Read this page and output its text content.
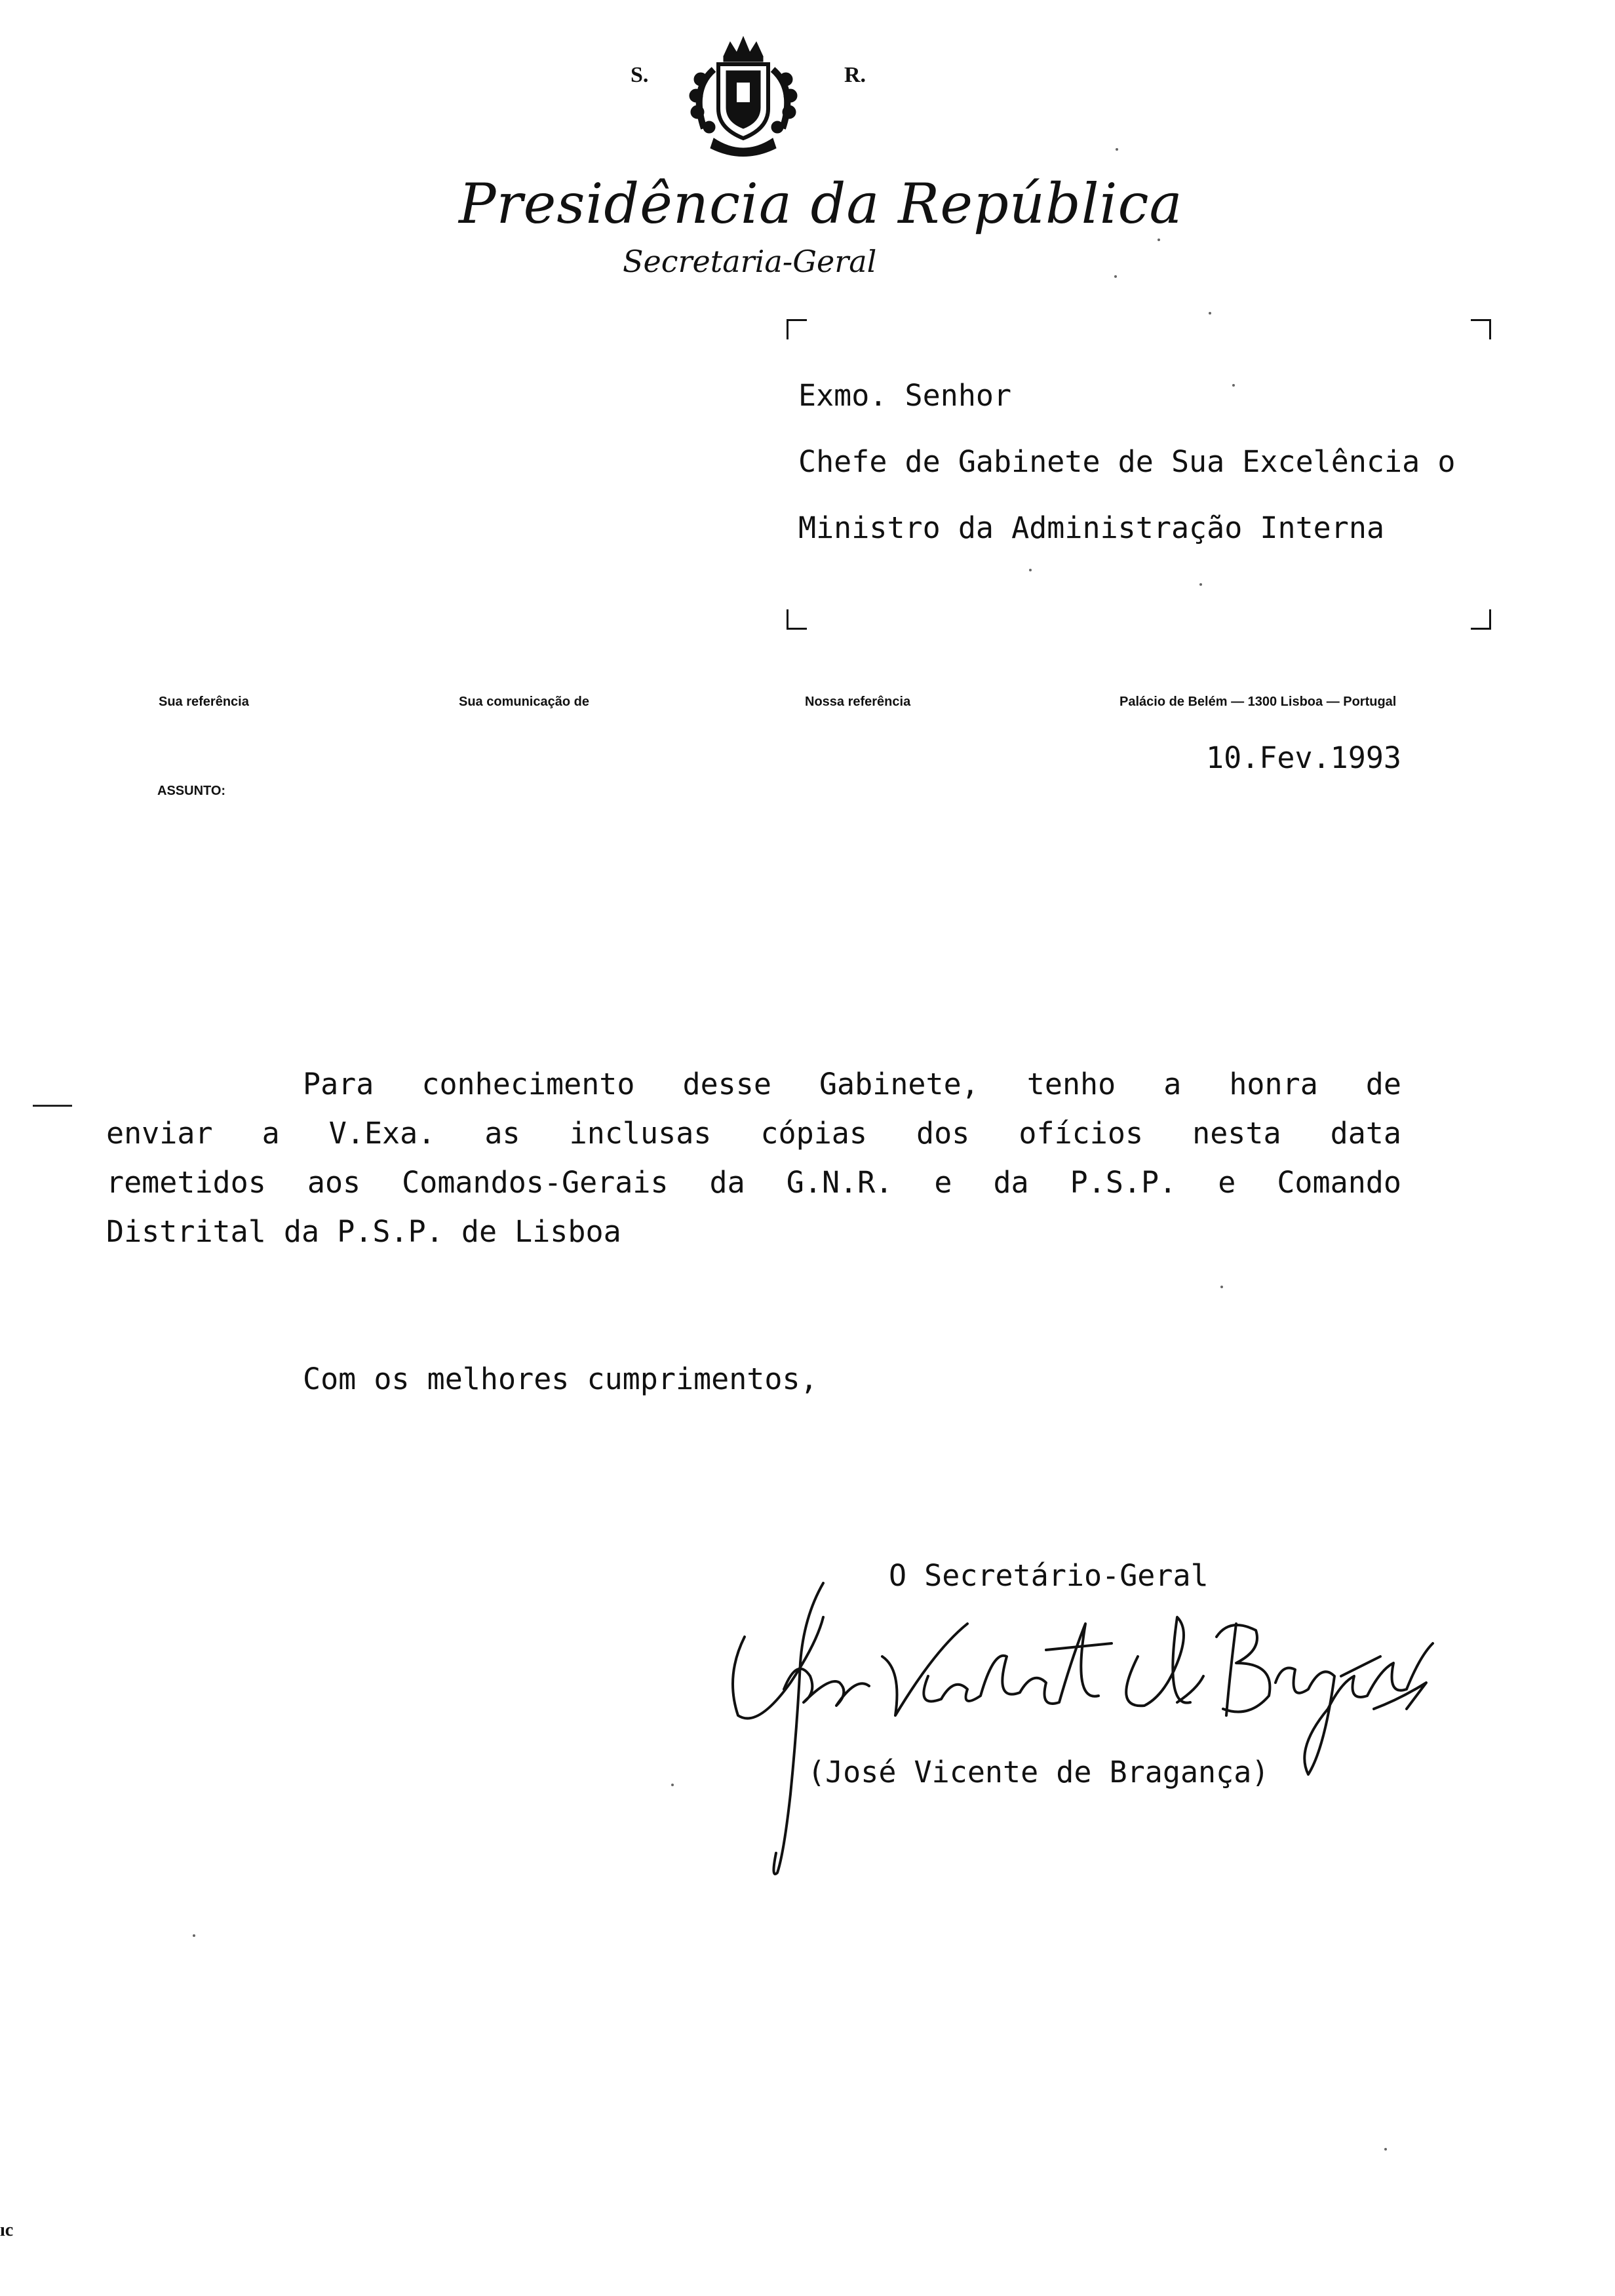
S.

	R.
Presidência da República
Secretaria-Geral
Exmo. Senhor
Chefe de Gabinete de Sua Excelência o
Ministro da Administração Interna
Sua referência	Sua comunicação de	Nossa referência	Palácio de Belém — 1300 Lisboa — Portugal
10.Fev.1993
ASSUNTO:
Para conhecimento desse Gabinete, tenho a honra de
enviar a V.Exa. as inclusas cópias dos ofícios nesta data
remetidos aos Comandos-Gerais da G.N.R. e da P.S.P. e Comando
Distrital da P.S.P. de Lisboa
Com os melhores cumprimentos,
O Secretário-Geral

(José Vicente de Bragança)
ıc
